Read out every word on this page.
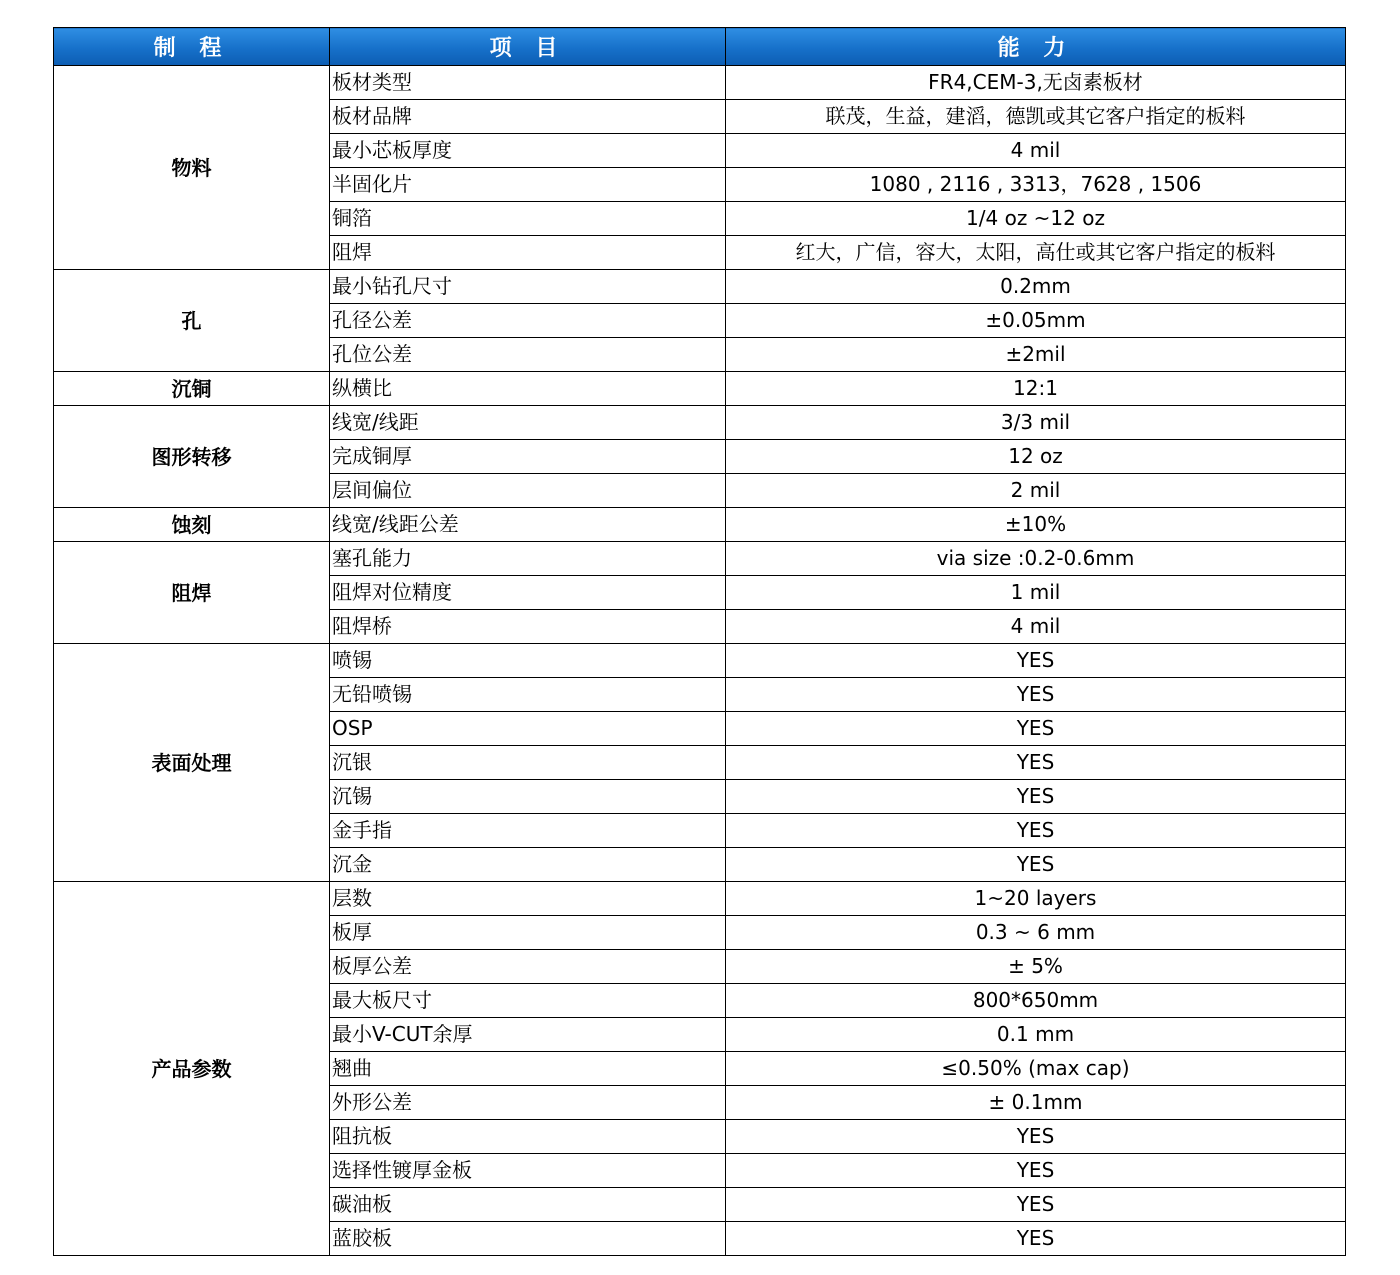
制 程	项 目	能 力
物料	板材类型	FR4,CEM-3,无卤素板材
	板材品牌	联茂，生益，建滔，德凯或其它客户指定的板料
	最小芯板厚度	4 mil
	半固化片	1080 , 2116 , 3313，7628 , 1506
	铜箔	1/4 oz ~12 oz
	阻焊	红大，广信，容大，太阳，高仕或其它客户指定的板料
孔	最小钻孔尺寸	0.2mm
	孔径公差	±0.05mm
	孔位公差	±2mil
沉铜	纵横比	12:1
图形转移	线宽/线距	3/3 mil
	完成铜厚	12 oz
	层间偏位	2 mil
蚀刻	线宽/线距公差	±10%
阻焊	塞孔能力	via size :0.2-0.6mm
	阻焊对位精度	1 mil
	阻焊桥	4 mil
表面处理	喷锡	YES
	无铅喷锡	YES
	OSP	YES
	沉银	YES
	沉锡	YES
	金手指	YES
	沉金	YES
产品参数	层数	1~20 layers
	板厚	0.3 ~ 6 mm
	板厚公差	± 5%
	最大板尺寸	800*650mm
	最小V-CUT余厚	0.1 mm
	翘曲	≤0.50% (max cap)
	外形公差	± 0.1mm
	阻抗板	YES
	选择性镀厚金板	YES
	碳油板	YES
	蓝胶板	YES
